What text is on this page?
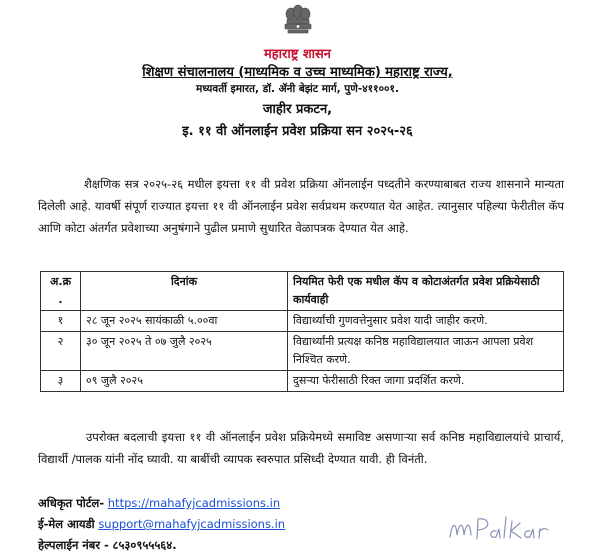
महाराष्ट्र शासन
शिक्षण संचालनालय (माध्यमिक व उच्च माध्यमिक) महाराष्ट्र राज्य,
मध्यवर्ती इमारत, डॉ. ॲनी बेझंट मार्ग, पुणे-४११००१.
जाहीर प्रकटन,
इ. ११ वी ऑनलाईन प्रवेश प्रक्रिया सन २०२५-२६
शैक्षणिक सत्र २०२५-२६ मधील इयत्ता ११ वी प्रवेश प्रक्रिया ऑनलाईन पध्दतीने करण्याबाबत राज्य शासनाने मान्यता दिलेली आहे. यावर्षी संपूर्ण राज्यात इयत्ता ११ वी ऑनलाईन प्रवेश सर्वप्रथम करण्यात येत आहेत. त्यानुसार पहिल्या फेरीतील कॅप आणि कोटा अंतर्गत प्रवेशाच्या अनुषंगाने पुढील प्रमाणे सुधारित वेळापत्रक देण्यात येत आहे.
अ.क्र .	दिनांक	नियमित फेरी एक मधील कॅप व कोटाअंतर्गत प्रवेश प्रक्रियेसाठी कार्यवाही
१	२८ जून २०२५ सायंकाळी ५.००वा	विद्यार्थ्यांची गुणवत्तेनुसार प्रवेश यादी जाहीर करणे.
२	३० जून २०२५ ते ०७ जुलै २०२५	विद्यार्थ्यांनी प्रत्यक्ष कनिष्ठ महाविद्यालयात जाऊन आपला प्रवेश निश्चित करणे.
३	०९ जुलै २०२५	दुसऱ्या फेरीसाठी रिक्त जागा प्रदर्शित करणे.
उपरोक्त बदलाची इयत्ता ११ वी ऑनलाईन प्रवेश प्रक्रियेमध्ये समाविष्ट असणाऱ्या सर्व कनिष्ठ महाविद्यालयांचे प्राचार्य, विद्यार्थी /पालक यांनी नोंद घ्यावी. या बाबींची व्यापक स्वरुपात प्रसिध्दी देण्यात यावी. ही विनंती.
अधिकृत पोर्टल- https://mahafyjcadmissions.in
ई-मेल आयडी support@mahafyjcadmissions.in
हेल्पलाईन नंबर - ८५३०९५५५६४.
